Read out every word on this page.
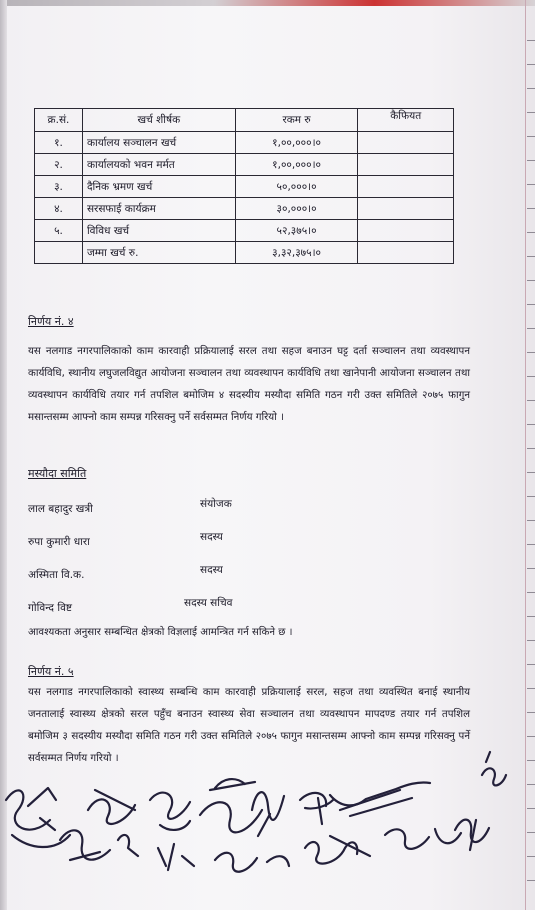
क्र.सं.	खर्च शीर्षक	रकम रु	कैफियत
१.	कार्यालय सञ्चालन खर्च	१,००,०००।०	
२.	कार्यालयको भवन मर्मत	१,००,०००।०	
३.	दैनिक भ्रमण खर्च	५०,०००।०	
४.	सरसफाई कार्यक्रम	३०,०००।०	
५.	विविध खर्च	५२,३७५।०	
	जम्मा खर्च रु.	३,३२,३७५।०	
निर्णय नं. ४
यस नलगाड नगरपालिकाको काम कारवाही प्रक्रियालाई सरल तथा सहज बनाउन घट्ट दर्ता सञ्चालन तथा व्यवस्थापन कार्यविधि, स्थानीय लघुजलविद्युत आयोजना सञ्चालन तथा व्यवस्थापन कार्यविधि तथा खानेपानी आयोजना सञ्चालन तथा व्यवस्थापन कार्यविधि तयार गर्न तपशिल बमोजिम ४ सदस्यीय मस्यौदा समिति गठन गरी उक्त समितिले २०७५ फागुन मसान्तसम्म आफ्नो काम सम्पन्न गरिसक्नु पर्ने सर्वसम्मत निर्णय गरियो ।
मस्यौदा समिति
लाल बहादुर खत्री	संयोजक
रुपा कुमारी धारा	सदस्य
अस्मिता वि.क.	सदस्य
गोविन्द विष्ट	सदस्य सचिव
आवश्यकता अनुसार सम्बन्धित क्षेत्रको विज्ञलाई आमन्त्रित गर्न सकिने छ ।
निर्णय नं. ५
यस नलगाड नगरपालिकाको स्वास्थ्य सम्बन्धि काम कारवाही प्रक्रियालाई सरल, सहज तथा व्यवस्थित बनाई स्थानीय जनतालाई स्वास्थ्य क्षेत्रको सरल पहुँच बनाउन स्वास्थ्य सेवा सञ्चालन तथा व्यवस्थापन मापदण्ड तयार गर्न तपशिल बमोजिम ३ सदस्यीय मस्यौदा समिति गठन गरी उक्त समितिले २०७५ फागुन मसान्तसम्म आफ्नो काम सम्पन्न गरिसक्नु पर्ने सर्वसम्मत निर्णय गरियो ।
